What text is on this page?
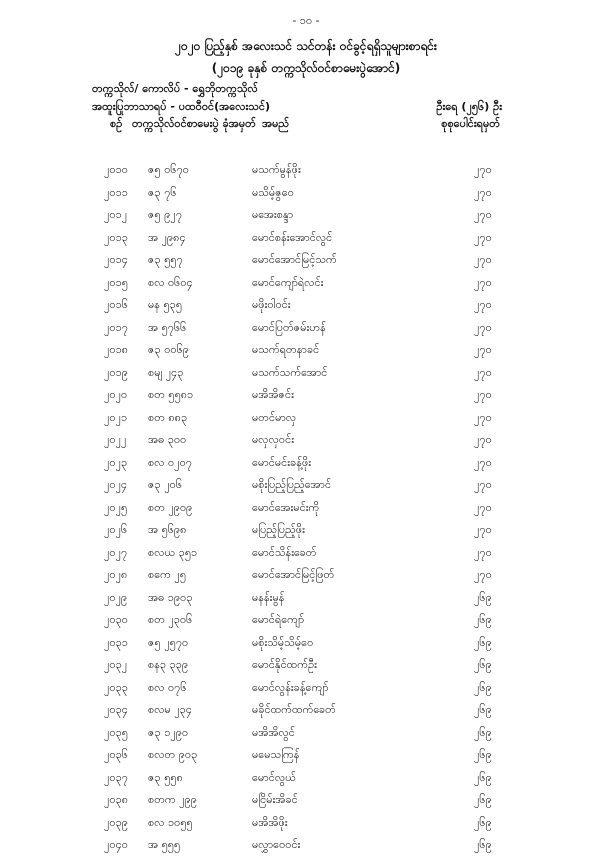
- ၁၀ -
၂၀၂၀ ပြည့်နှစ် အလေးသင် သင်တန်း ဝင်ခွင့်ရရှိသူများစာရင်း
(၂၀၁၉ ခုနှစ် တက္ကသိုလ်ဝင်စာမေးပွဲအောင်)
တက္ကသိုလ်/ ကောလိပ် - ရွှေဘိုတက္ကသိုလ်
အထူးပြုဘာသာရပ် - ပထဝီဝင်(အလေးသင်)	ဦးရေ (၂၅၆) ဦး
စဉ် တက္ကသိုလ်ဝင်စာမေးပွဲ ခုံအမှတ် အမည်	စုစုပေါင်းရမှတ်
၂၀၁၀ ဇ၅ ၀၆၇၀	မသက်မွန်ဖိုး	၂၇၀
၂၀၁၁ ဇ၃ ၇၆	မသိမ့်ဇွဝေ	၂၇၀
၂၀၁၂ ဇ၅ ၉၂၇	မအေးစန္ဒာ	၂၇၀
၂၀၁၃ အ ၂၉၈၄	မောင်စန်းအောင်လွင်	၂၇၀
၂၀၁၄ ဇ၃ ၅၅၇	မောင်အောင်မြင့်သက်	၂၇၀
၂၀၁၅ စလ ၀၆၀၄	မောင်ကျော်ရဲလင်း	၂၇၀
၂၀၁၆ မန ၅၃၅	မဖိုးဝါဝင်း	၂၇၀
၂၀၁၇ အ ၅၇၆၆	မောင်ပြတ်ဇမ်းဟန်	၂၇၀
၂၀၁၈ ဇ၃ ၀၀၆၉	မသက်ရတနာခင်	၂၇၀
၂၀၁၉ စမျ ၂၄၃	မသက်သက်အောင်	၂၇၀
၂၀၂၀ စတ ၅၅၈၁	မအိအိဇင်း	၂၇၀
၂၀၂၁ စတ ၈၈၃	မတင်မာလှ	၂၇၀
၂၀၂၂ အဓ ၃၀၀	မလှလှဝင်း	၂၇၀
၂၀၂၃ စလ ၀၂၀၇	မောင်မင်းခန့်ဖိုး	၂၇၀
၂၀၂၄ ဇ၃ ၂၀၆	မစိုးပြည့်ပြည့်အောင်	၂၇၀
၂၀၂၅ စတ ၂၉၀၉	မောင်အေးမင်းကို	၂၇၀
၂၀၂၆ အ ၅၆၉၈	မပြည့်ပြည့်ဖိုး	၂၇၀
၂၀၂၇ စလယ ၃၅၁	မောင်သိန်းခေတ်	၂၇၀
၂၀၂၈ စကေ ၂၅	မောင်အောင်မြင့်ဖြတ်	၂၇၀
၂၀၂၉ အဓ ၁၉၀၃	မနန်းမွန်	၂၆၉
၂၀၃၀ စတ ၂၃၀၆	မောင်ရဲကျော်	၂၆၉
၂၀၃၁ ဇ၅ ၂၅၇၀	မစိုးသိမ့်သိမ့်ဝေ	၂၆၉
၂၀၃၂ စန၃ ၃၃၉	မောင်နိုင်ထက်ဦး	၂၆၉
၂၀၃၃ စလ ၀၇၆	မောင်လွန်းခန့်ကျော်	၂၆၉
၂၀၃၄ စလမ ၂၃၄	မခိုင်ထက်ထက်ခေတ်	၂၆၉
၂၀၃၅ ဇ၃ ၁၂၉၀	မအိအိလွင်	၂၆၉
၂၀၃၆ စလတ ၉၀၃	မမေသကြန်	၂၆၉
၂၀၃၇ ဇ၃ ၅၅၈	မောင်လွယ်	၂၆၉
၂၀၃၈ စတက ၂၉၉	မငြိမ်းအိခင်	၂၆၉
၂၀၃၉ စလ ၁၀၅၅	မအိအိဖိုး	၂၆၉
၂၀၄၀ အ ၅၅၅	မလွှာဝေဝင်း	၂၆၉
